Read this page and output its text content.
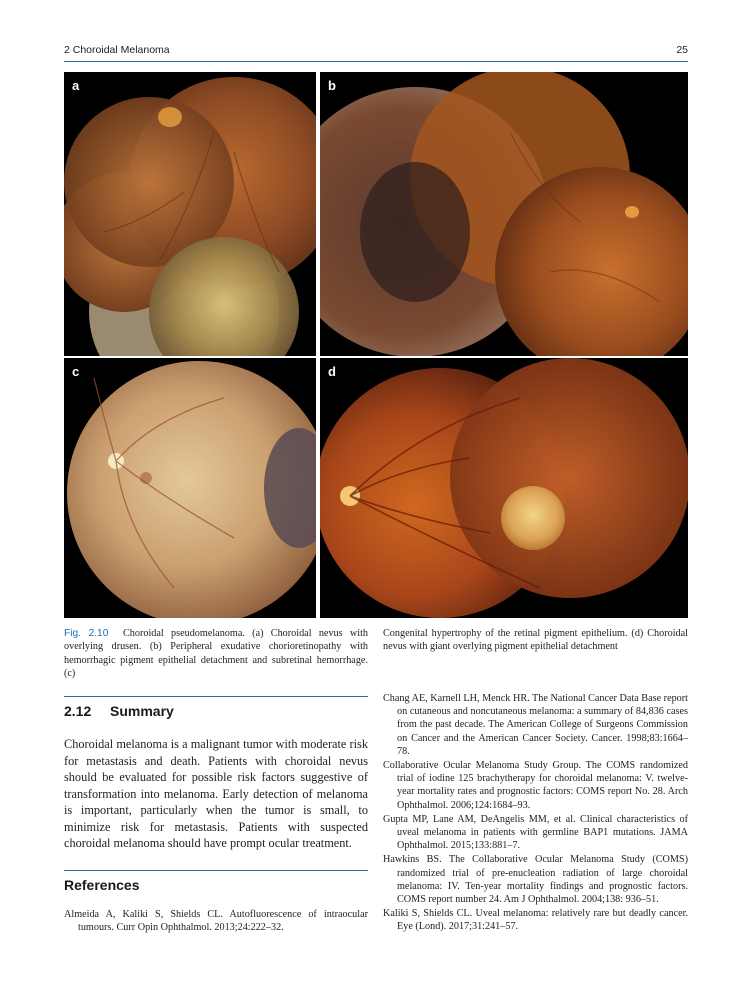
2 Choroidal Melanoma	25
a	b
c	d
Fig. 2.10 Choroidal pseudomelanoma. (a) Choroidal nevus with overlying drusen. (b) Peripheral exudative chorioretinopathy with hemorrhagic pigment epithelial detachment and subretinal hemorrhage. (c)
Congenital hypertrophy of the retinal pigment epithelium. (d) Choroidal nevus with giant overlying pigment epithelial detachment
2.12 Summary
Choroidal melanoma is a malignant tumor with moderate risk for metastasis and death. Patients with choroidal nevus should be evaluated for possible risk factors suggestive of transformation into melanoma. Early detection of melanoma is important, particularly when the tumor is small, to minimize risk for metastasis. Patients with suspected choroidal melanoma should have prompt ocular treatment.
References

Almeida A, Kaliki S, Shields CL. Autofluorescence of intraocular tumours. Curr Opin Ophthalmol. 2013;24:222–32.

Chang AE, Karnell LH, Menck HR. The National Cancer Data Base report on cutaneous and noncutaneous melanoma: a summary of 84,836 cases from the past decade. The American College of Surgeons Commission on Cancer and the American Cancer Society. Cancer. 1998;83:1664–78.

Collaborative Ocular Melanoma Study Group. The COMS randomized trial of iodine 125 brachytherapy for choroidal melanoma: V. twelve-year mortality rates and prognostic factors: COMS report No. 28. Arch Ophthalmol. 2006;124:1684–93.

Gupta MP, Lane AM, DeAngelis MM, et al. Clinical characteristics of uveal melanoma in patients with germline BAP1 mutations. JAMA Ophthalmol. 2015;133:881–7.

Hawkins BS. The Collaborative Ocular Melanoma Study (COMS) randomized trial of pre-enucleation radiation of large choroidal melanoma: IV. Ten-year mortality findings and prognostic factors. COMS report number 24. Am J Ophthalmol. 2004;138: 936–51.

Kaliki S, Shields CL. Uveal melanoma: relatively rare but deadly cancer. Eye (Lond). 2017;31:241–57.
